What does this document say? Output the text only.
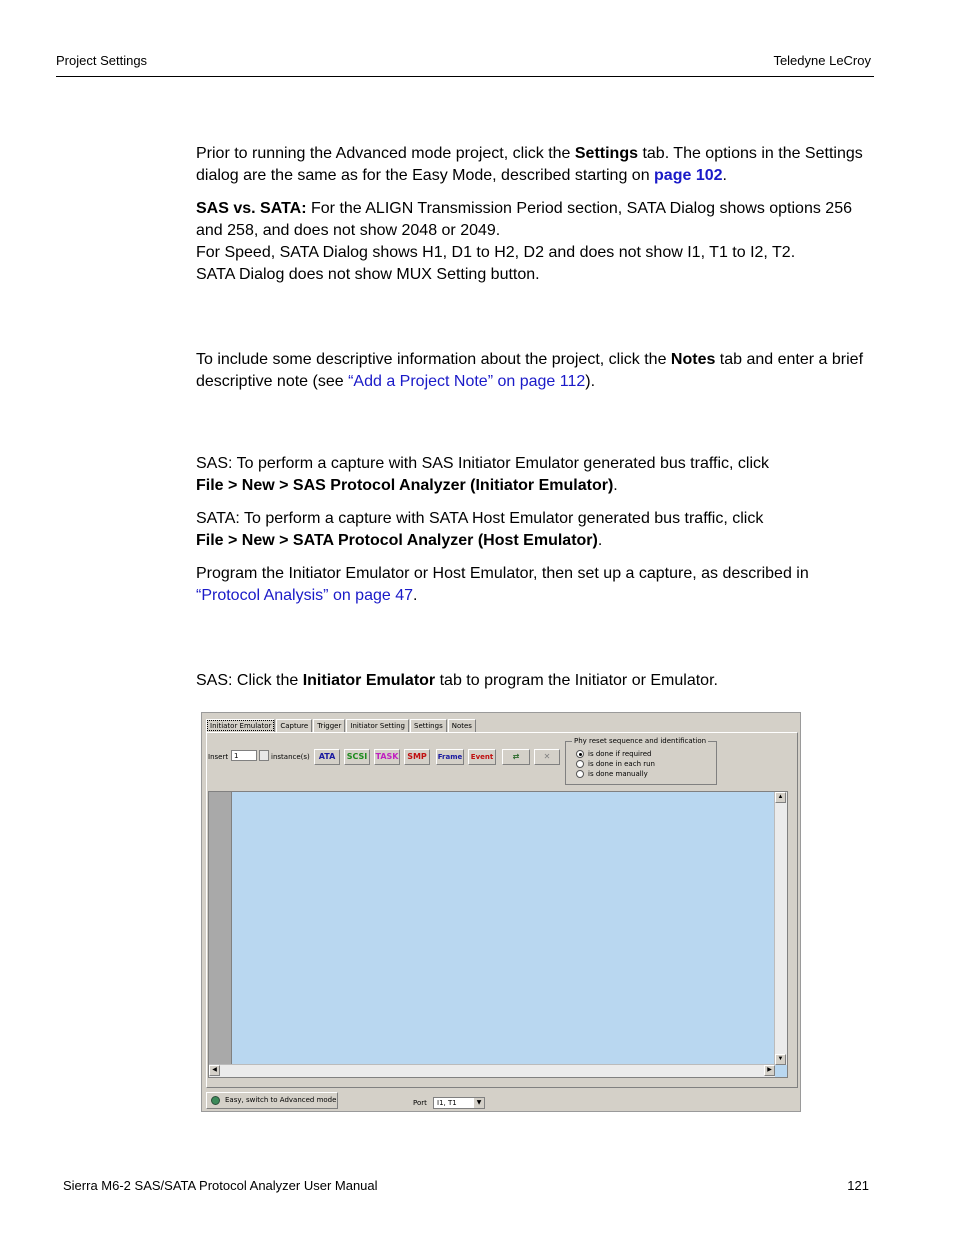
Project Settings	Teledyne LeCroy

Prior to running the Advanced mode project, click the Settings tab. The options in the Settings dialog are the same as for the Easy Mode, described starting on page 102.

SAS vs. SATA: For the ALIGN Transmission Period section, SATA Dialog shows options 256 and 258, and does not show 2048 or 2049.

For Speed, SATA Dialog shows H1, D1 to H2, D2 and does not show I1, T1 to I2, T2.

SATA Dialog does not show MUX Setting button.

To include some descriptive information about the project, click the Notes tab and enter a brief descriptive note (see “Add a Project Note” on page 112).

SAS: To perform a capture with SAS Initiator Emulator generated bus traffic, click

File > New > SAS Protocol Analyzer (Initiator Emulator).

SATA: To perform a capture with SATA Host Emulator generated bus traffic, click

File > New > SATA Protocol Analyzer (Host Emulator).

Program the Initiator Emulator or Host Emulator, then set up a capture, as described in “Protocol Analysis” on page 47.

SAS: Click the Initiator Emulator tab to program the Initiator or Emulator.

Initiator Emulator	Capture	Trigger	Initiator Setting	Settings	Notes
Insert 1	instance(s)	ATA	SCSI	TASK	SMP	Frame	Event	⇄	✕
Phy reset sequence and identification
is done if required
is done in each run
is done manually
▲
▼
◀	▶
Easy, switch to Advanced mode	Port	I1, T1	▼
Sierra M6-2 SAS/SATA Protocol Analyzer User Manual	121
